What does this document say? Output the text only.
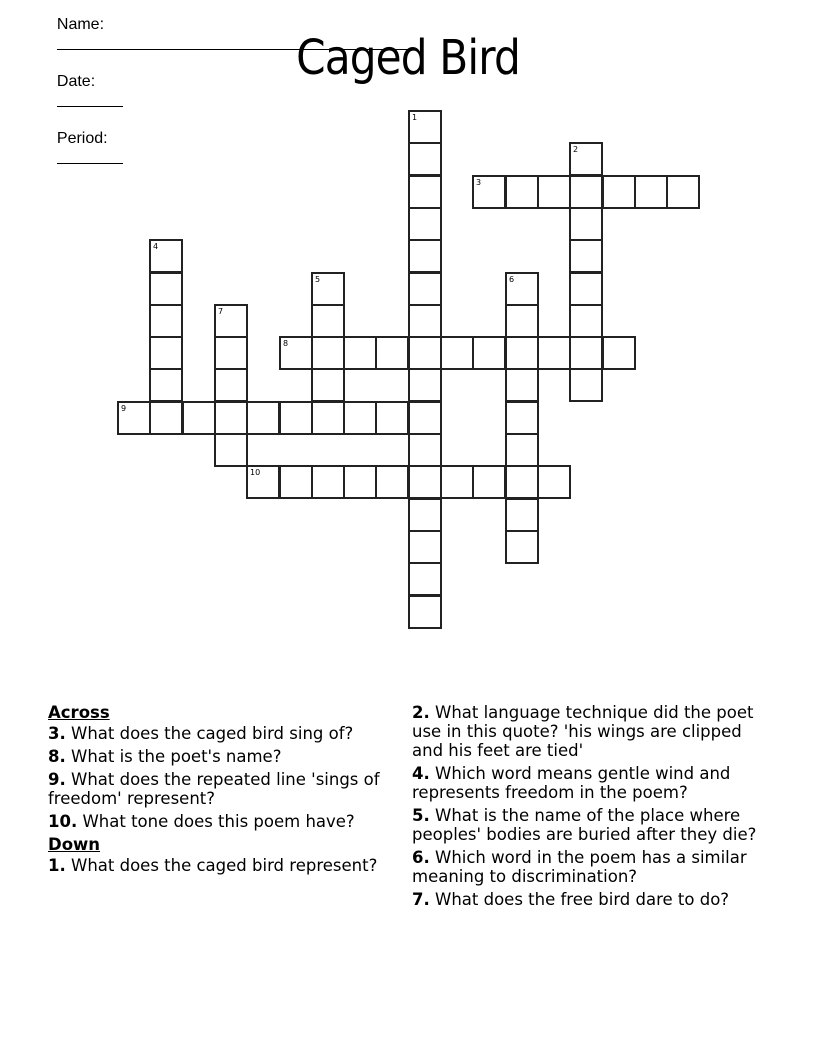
Name:

Date:

Period:

Caged Bird
1
2
3
4
5	6
7
8
9
10
Across
3. What does the caged bird sing of?
8. What is the poet's name?
9. What does the repeated line 'sings of freedom' represent?
10. What tone does this poem have?
Down
1. What does the caged bird represent?
2. What language technique did the poet use in this quote? 'his wings are clipped and his feet are tied'
4. Which word means gentle wind and represents freedom in the poem?
5. What is the name of the place where peoples' bodies are buried after they die?
6. Which word in the poem has a similar meaning to discrimination?
7. What does the free bird dare to do?
